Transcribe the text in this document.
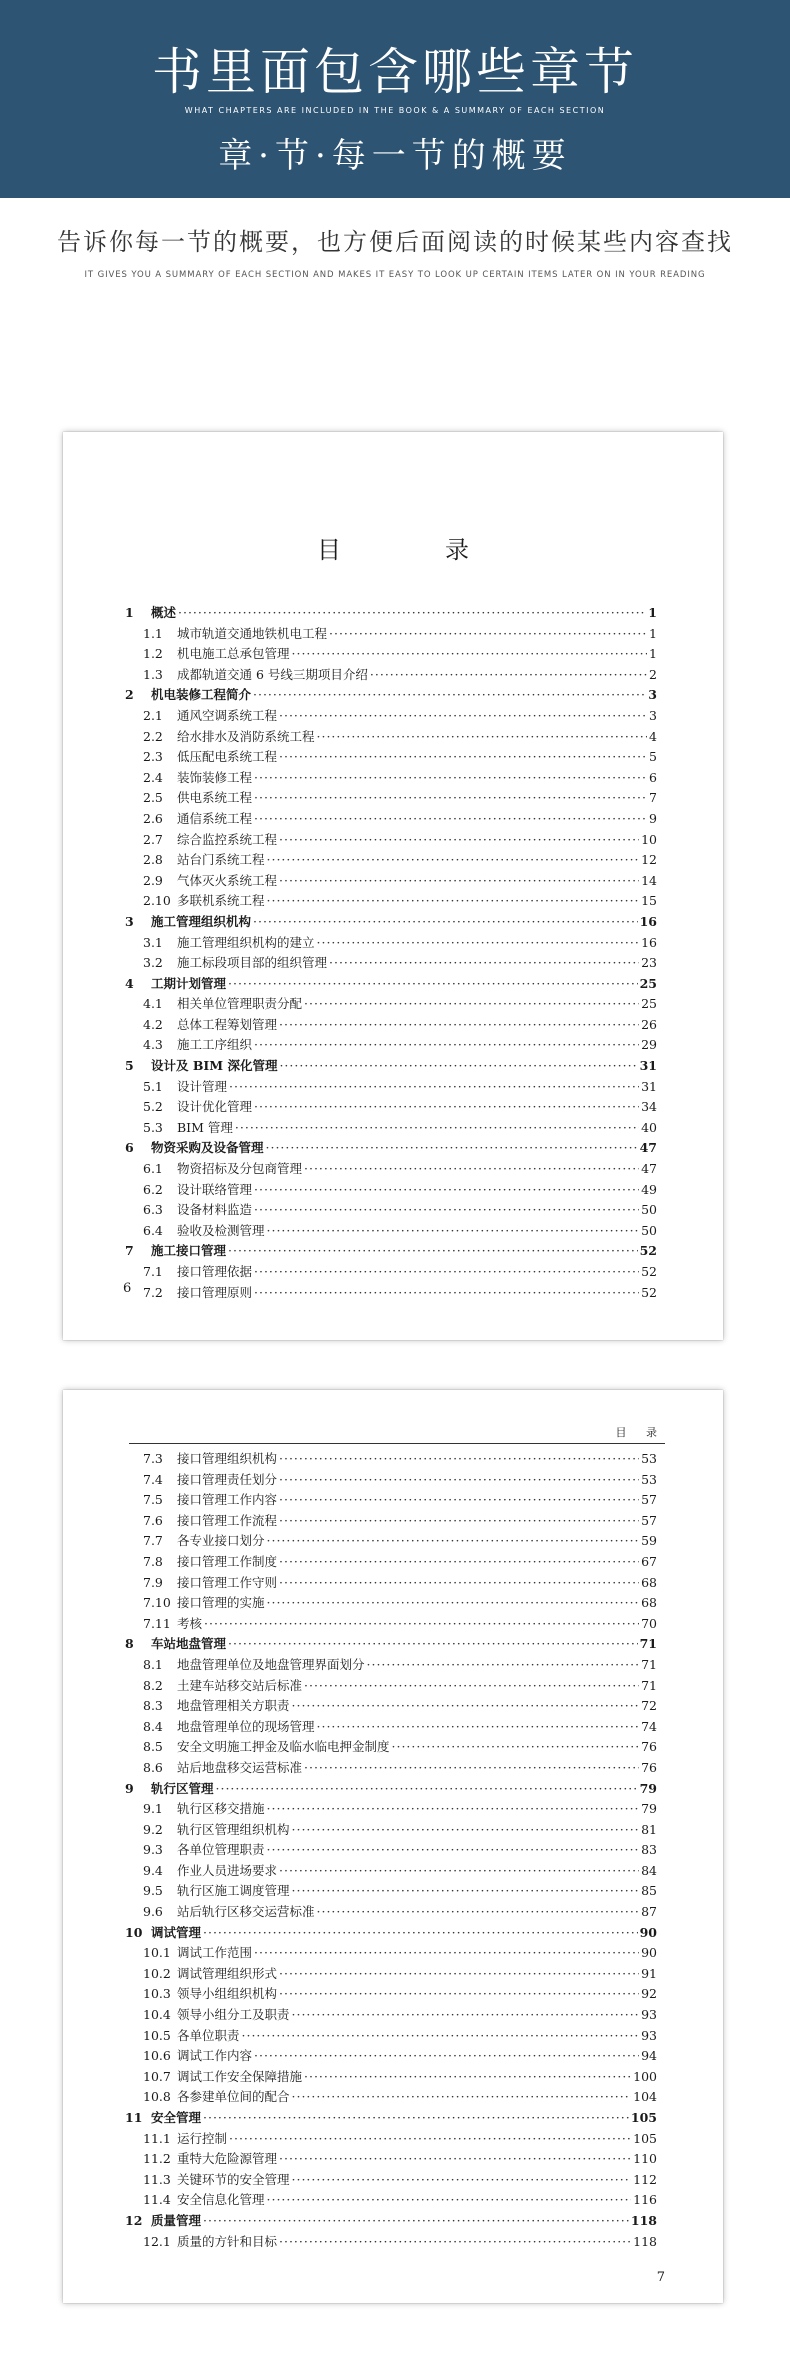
书里面包含哪些章节
WHAT CHAPTERS ARE INCLUDED IN THE BOOK & A SUMMARY OF EACH SECTION
章·节·每一节的概要
告诉你每一节的概要，也方便后面阅读的时候某些内容查找
IT GIVES YOU A SUMMARY OF EACH SECTION AND MAKES IT EASY TO LOOK UP CERTAIN ITEMS LATER ON IN YOUR READING
目　录
1	概述 ·····	1
1.1	城市轨道交通地铁机电工程 ·····	1
1.2	机电施工总承包管理 ·····	1
1.3	成都轨道交通 6 号线三期项目介绍 ·····	2
2	机电装修工程简介 ·····	3
2.1	通风空调系统工程 ·····	3
2.2	给水排水及消防系统工程 ·····	4
2.3	低压配电系统工程 ·····	5
2.4	装饰装修工程 ·····	6
2.5	供电系统工程 ·····	7
2.6	通信系统工程 ·····	9
2.7	综合监控系统工程 ·····	10
2.8	站台门系统工程 ·····	12
2.9	气体灭火系统工程 ·····	14
2.10 多联机系统工程 ·····	15
3	施工管理组织机构 ·····	16
3.1	施工管理组织机构的建立 ·····	16
3.2	施工标段项目部的组织管理 ·····	23
4	工期计划管理 ·····	25
4.1	相关单位管理职责分配 ·····	25
4.2	总体工程筹划管理 ·····	26
4.3	施工工序组织 ·····	29
5	设计及 BIM 深化管理 ·····	31
5.1	设计管理 ·····	31
5.2	设计优化管理 ·····	34
5.3	BIM 管理 ·····	40
6	物资采购及设备管理 ·····	47
6.1	物资招标及分包商管理 ·····	47
6.2	设计联络管理 ·····	49
6.3	设备材料监造 ·····	50
6.4	验收及检测管理 ·····	50
7	施工接口管理 ·····	52
7.1	接口管理依据 ·····	52
7.2	接口管理原则 ·····	52
6
目 录
7.3	接口管理组织机构 ·····	53
7.4	接口管理责任划分 ·····	53
7.5	接口管理工作内容 ·····	57
7.6	接口管理工作流程 ·····	57
7.7	各专业接口划分 ·····	59
7.8	接口管理工作制度 ·····	67
7.9	接口管理工作守则 ·····	68
7.10 接口管理的实施 ·····	68
7.11 考核 ·····	70
8	车站地盘管理 ·····	71
8.1	地盘管理单位及地盘管理界面划分 ·····	71
8.2	土建车站移交站后标准 ·····	71
8.3	地盘管理相关方职责 ·····	72
8.4	地盘管理单位的现场管理 ·····	74
8.5	安全文明施工押金及临水临电押金制度 ·····	76
8.6	站后地盘移交运营标准 ·····	76
9	轨行区管理 ·····	79
9.1	轨行区移交措施 ·····	79
9.2	轨行区管理组织机构 ·····	81
9.3	各单位管理职责 ·····	83
9.4	作业人员进场要求 ·····	84
9.5	轨行区施工调度管理 ·····	85
9.6	站后轨行区移交运营标准 ·····	87
10 调试管理 ·····	90
10.1 调试工作范围 ·····	90
10.2 调试管理组织形式 ·····	91
10.3 领导小组组织机构 ·····	92
10.4 领导小组分工及职责 ·····	93
10.5 各单位职责 ·····	93
10.6 调试工作内容 ·····	94
10.7 调试工作安全保障措施 ·····	100
10.8 各参建单位间的配合 ·····	104
11 安全管理 ·····	105
11.1 运行控制 ·····	105
11.2 重特大危险源管理 ·····	110
11.3 关键环节的安全管理 ·····	112
11.4 安全信息化管理 ·····	116
12 质量管理 ·····	118
12.1 质量的方针和目标 ·····	118
7
